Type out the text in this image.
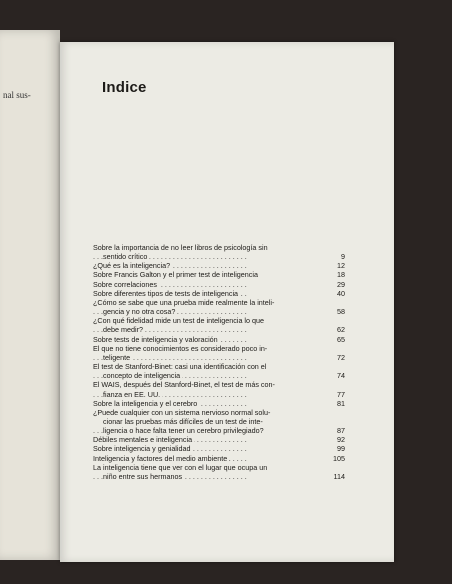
nal sus-	Indice
Sobre la importancia de no leer libros de psicología sin
sentido crítico . . .	9
¿Qué es la inteligencia? . . .	12
Sobre Francis Galton y el primer test de inteligencia . . .	18
Sobre correlaciones . . .	29
Sobre diferentes tipos de tests de inteligencia . . .	40
¿Cómo se sabe que una prueba mide realmente la inteli-
gencia y no otra cosa? . . .	58
¿Con qué fidelidad mide un test de inteligencia lo que
debe medir? . . .	62
Sobre tests de inteligencia y valoración . . .	65
El que no tiene conocimientos es considerado poco in-
teligente . . .	72
El test de Stanford-Binet: casi una identificación con el
concepto de inteligencia . . .	74
El WAIS, después del Stanford-Binet, el test de más con-
fianza en EE. UU. . . .	77
Sobre la inteligencia y el cerebro . . .	81
¿Puede cualquier con un sistema nervioso normal solu-
cionar las pruebas más difíciles de un test de inte-
ligencia o hace falta tener un cerebro privilegiado? . . .	87
Débiles mentales e inteligencia . . .	92
Sobre inteligencia y genialidad . . .	99
Inteligencia y factores del medio ambiente . . .	105
La inteligencia tiene que ver con el lugar que ocupa un
niño entre sus hermanos . . .	114
